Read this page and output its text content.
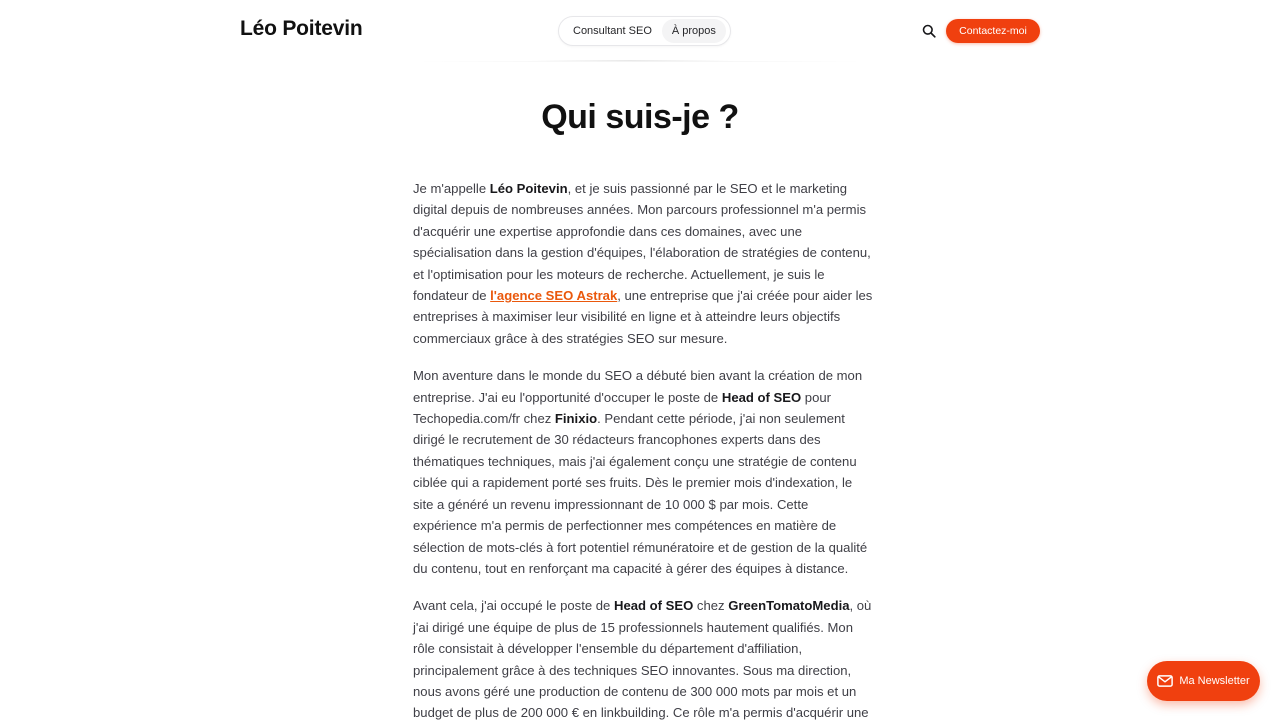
Léo Poitevin	Consultant SEO	À propos	Contactez-moi
Qui suis-je ?

Je m'appelle Léo Poitevin, et je suis passionné par le SEO et le marketing digital depuis de nombreuses années. Mon parcours professionnel m'a permis d'acquérir une expertise approfondie dans ces domaines, avec une spécialisation dans la gestion d'équipes, l'élaboration de stratégies de contenu, et l'optimisation pour les moteurs de recherche. Actuellement, je suis le fondateur de l'agence SEO Astrak, une entreprise que j'ai créée pour aider les entreprises à maximiser leur visibilité en ligne et à atteindre leurs objectifs commerciaux grâce à des stratégies SEO sur mesure.

Mon aventure dans le monde du SEO a débuté bien avant la création de mon entreprise. J'ai eu l'opportunité d'occuper le poste de Head of SEO pour Techopedia.com/fr chez Finixio. Pendant cette période, j'ai non seulement dirigé le recrutement de 30 rédacteurs francophones experts dans des thématiques techniques, mais j'ai également conçu une stratégie de contenu ciblée qui a rapidement porté ses fruits. Dès le premier mois d'indexation, le site a généré un revenu impressionnant de 10 000 $ par mois. Cette expérience m'a permis de perfectionner mes compétences en matière de sélection de mots-clés à fort potentiel rémunératoire et de gestion de la qualité du contenu, tout en renforçant ma capacité à gérer des équipes à distance.

Avant cela, j'ai occupé le poste de Head of SEO chez GreenTomatoMedia, où j'ai dirigé une équipe de plus de 15 professionnels hautement qualifiés. Mon rôle consistait à développer l'ensemble du département d'affiliation, principalement grâce à des techniques SEO innovantes. Sous ma direction, nous avons géré une production de contenu de 300 000 mots par mois et un budget de plus de 200 000 € en linkbuilding. Ce rôle m'a permis d'acquérir une

Ma Newsletter
